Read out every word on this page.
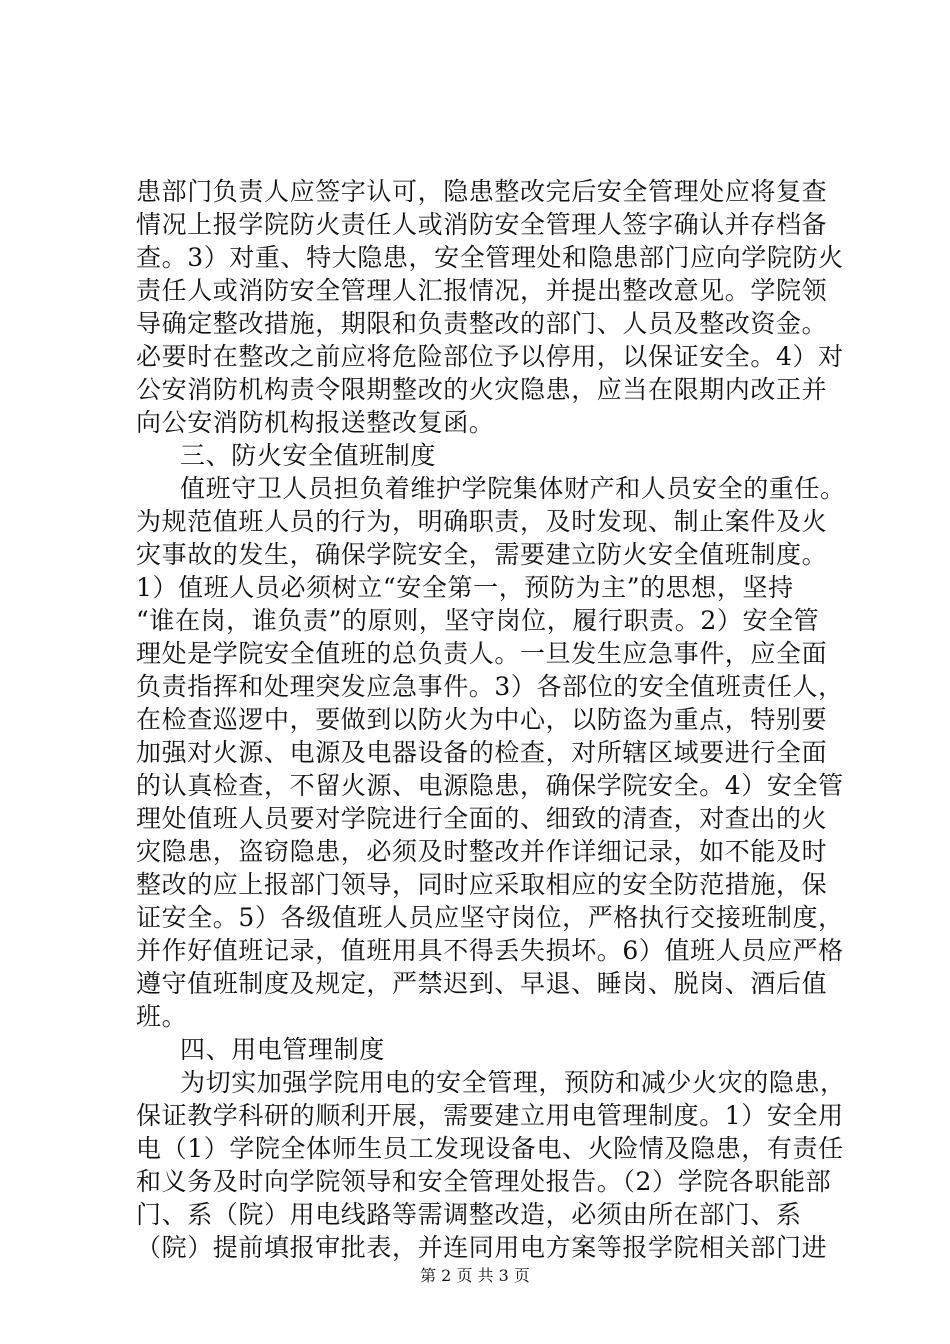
患部门负责人应签字认可，隐患整改完后安全管理处应将复查
情况上报学院防火责任人或消防安全管理人签字确认并存档备
查。3）对重、特大隐患，安全管理处和隐患部门应向学院防火
责任人或消防安全管理人汇报情况，并提出整改意见。学院领
导确定整改措施，期限和负责整改的部门、人员及整改资金。
必要时在整改之前应将危险部位予以停用，以保证安全。4）对
公安消防机构责令限期整改的火灾隐患，应当在限期内改正并
向公安消防机构报送整改复函。
三、防火安全值班制度
值班守卫人员担负着维护学院集体财产和人员安全的重任。
为规范值班人员的行为，明确职责，及时发现、制止案件及火
灾事故的发生，确保学院安全，需要建立防火安全值班制度。
1）值班人员必须树立“安全第一，预防为主”的思想，坚持
“谁在岗，谁负责”的原则，坚守岗位，履行职责。2）安全管
理处是学院安全值班的总负责人。一旦发生应急事件，应全面
负责指挥和处理突发应急事件。3）各部位的安全值班责任人，
在检查巡逻中，要做到以防火为中心，以防盗为重点，特别要
加强对火源、电源及电器设备的检查，对所辖区域要进行全面
的认真检查，不留火源、电源隐患，确保学院安全。4）安全管
理处值班人员要对学院进行全面的、细致的清查，对查出的火
灾隐患，盗窃隐患，必须及时整改并作详细记录，如不能及时
整改的应上报部门领导，同时应采取相应的安全防范措施，保
证安全。5）各级值班人员应坚守岗位，严格执行交接班制度，
并作好值班记录，值班用具不得丢失损坏。6）值班人员应严格
遵守值班制度及规定，严禁迟到、早退、睡岗、脱岗、酒后值
班。
四、用电管理制度
为切实加强学院用电的安全管理，预防和减少火灾的隐患，
保证教学科研的顺利开展，需要建立用电管理制度。1）安全用
电（1）学院全体师生员工发现设备电、火险情及隐患，有责任
和义务及时向学院领导和安全管理处报告。（2）学院各职能部
门、系（院）用电线路等需调整改造，必须由所在部门、系
（院）提前填报审批表，并连同用电方案等报学院相关部门进
第 2 页 共 3 页
